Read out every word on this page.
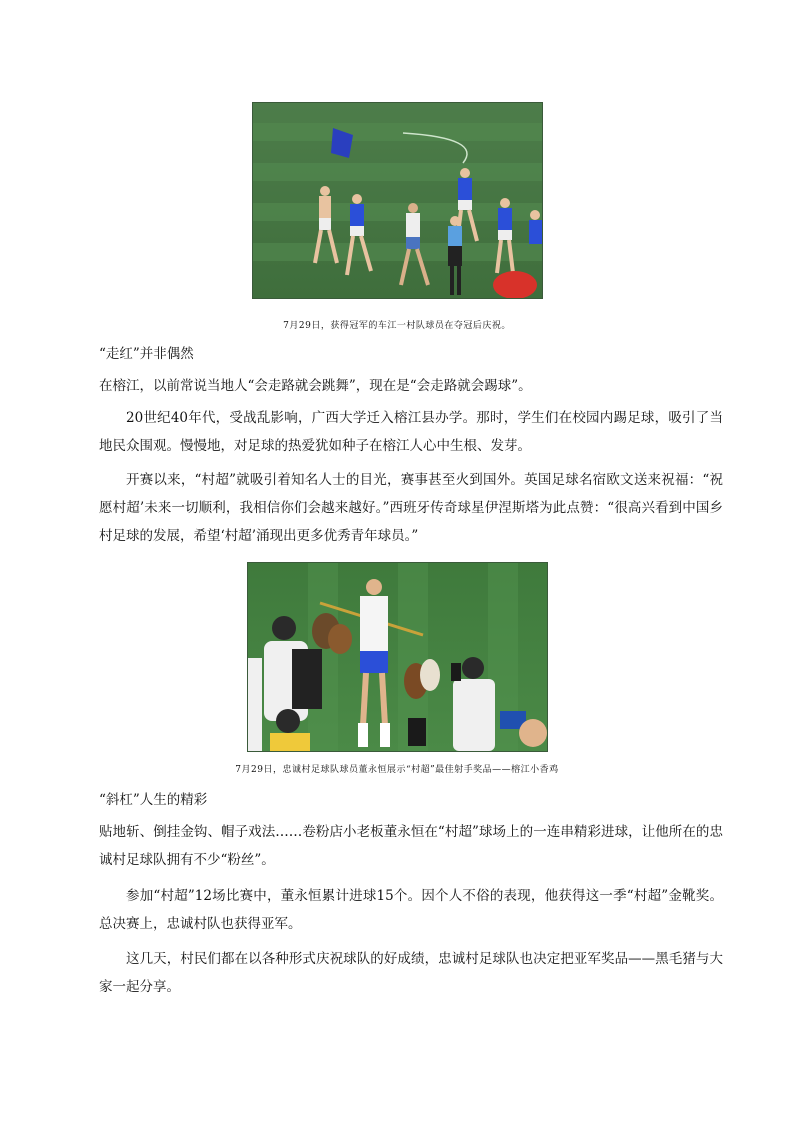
7月29日，获得冠军的车江一村队球员在夺冠后庆祝。

“走红”并非偶然

在榕江，以前常说当地人“会走路就会跳舞”，现在是“会走路就会踢球”。

20世纪40年代，受战乱影响，广西大学迁入榕江县办学。那时，学生们在校园内踢足球，吸引了当地民众围观。慢慢地，对足球的热爱犹如种子在榕江人心中生根、发芽。

开赛以来，“村超”就吸引着知名人士的目光，赛事甚至火到国外。英国足球名宿欧文送来祝福：“祝愿村超’未来一切顺利，我相信你们会越来越好。”西班牙传奇球星伊涅斯塔为此点赞：“很高兴看到中国乡村足球的发展，希望‘村超’涌现出更多优秀青年球员。”

7月29日，忠诚村足球队球员董永恒展示“村超”最佳射手奖品——榕江小香鸡

“斜杠”人生的精彩

贴地斩、倒挂金钩、帽子戏法……卷粉店小老板董永恒在“村超”球场上的一连串精彩进球，让他所在的忠诚村足球队拥有不少“粉丝”。

参加“村超”12场比赛中，董永恒累计进球15个。因个人不俗的表现，他获得这一季“村超”金靴奖。总决赛上，忠诚村队也获得亚军。

这几天，村民们都在以各种形式庆祝球队的好成绩，忠诚村足球队也决定把亚军奖品——黑毛猪与大家一起分享。
